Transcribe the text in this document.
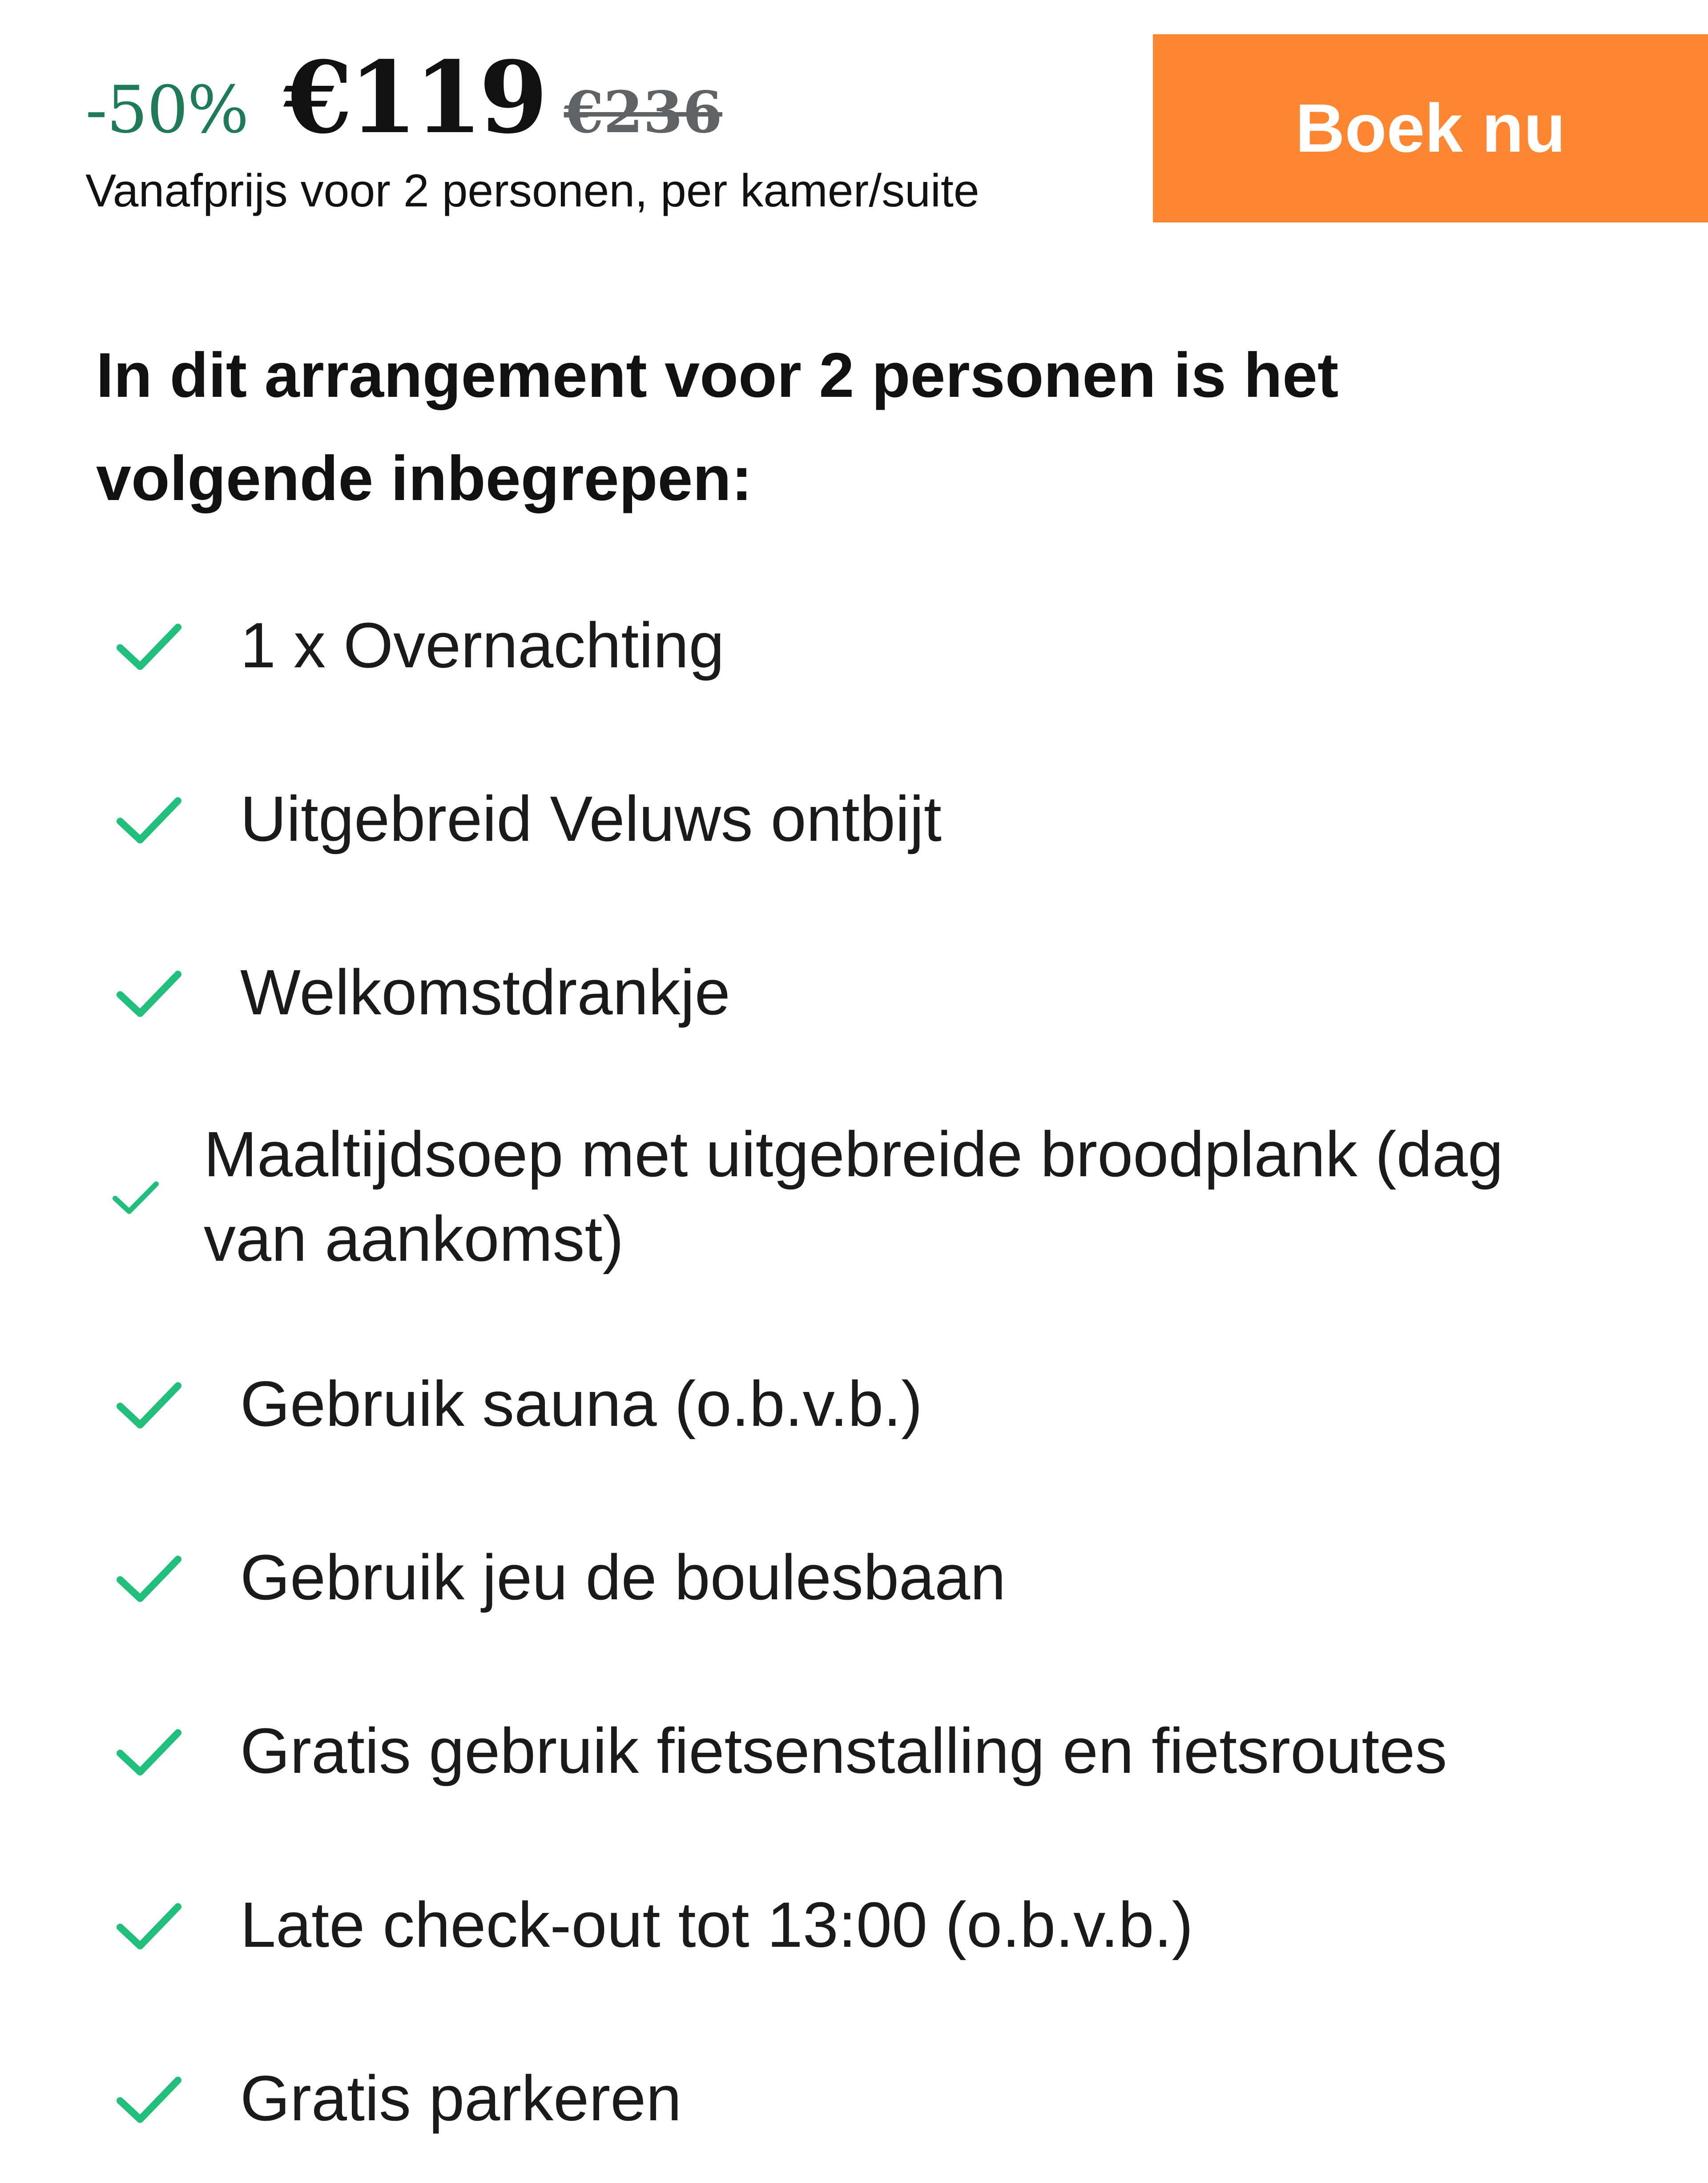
-50% €119 €236
Vanafprijs voor 2 personen, per kamer/suite
Boek nu
In dit arrangement voor 2 personen is het volgende inbegrepen:
1 x Overnachting
Uitgebreid Veluws ontbijt
Welkomstdrankje
Maaltijdsoep met uitgebreide broodplank (dag van aankomst)
Gebruik sauna (o.b.v.b.)
Gebruik jeu de boulesbaan
Gratis gebruik fietsenstalling en fietsroutes
Late check-out tot 13:00 (o.b.v.b.)
Gratis parkeren
